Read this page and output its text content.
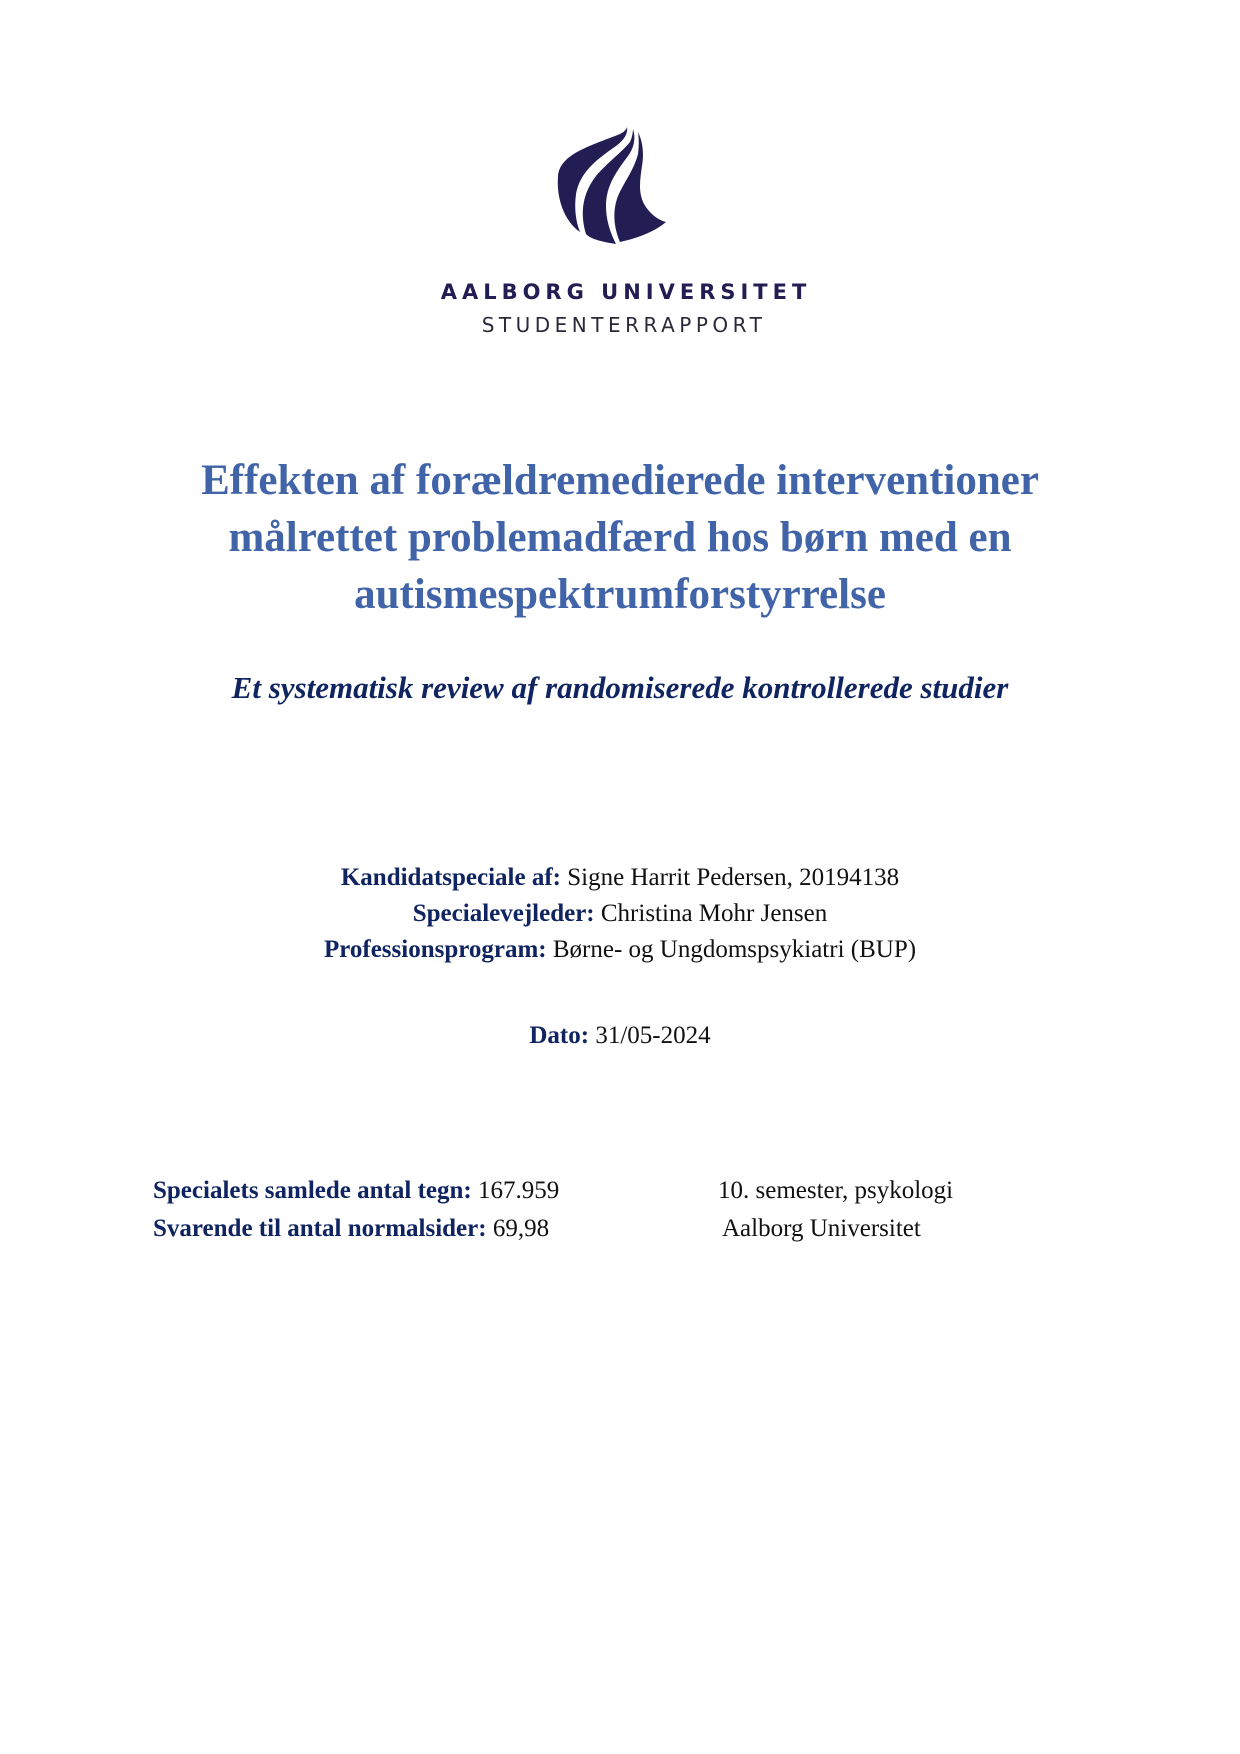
AALBORG UNIVERSITET
STUDENTERRAPPORT
Effekten af forældremedierede interventioner
målrettet problemadfærd hos børn med en
autismespektrumforstyrrelse
Et systematisk review af randomiserede kontrollerede studier
Kandidatspeciale af: Signe Harrit Pedersen, 20194138
Specialevejleder: Christina Mohr Jensen
Professionsprogram: Børne- og Ungdomspsykiatri (BUP)
Dato: 31/05-2024
Specialets samlede antal tegn: 167.959
Svarende til antal normalsider: 69,98
10. semester, psykologi
Aalborg Universitet
